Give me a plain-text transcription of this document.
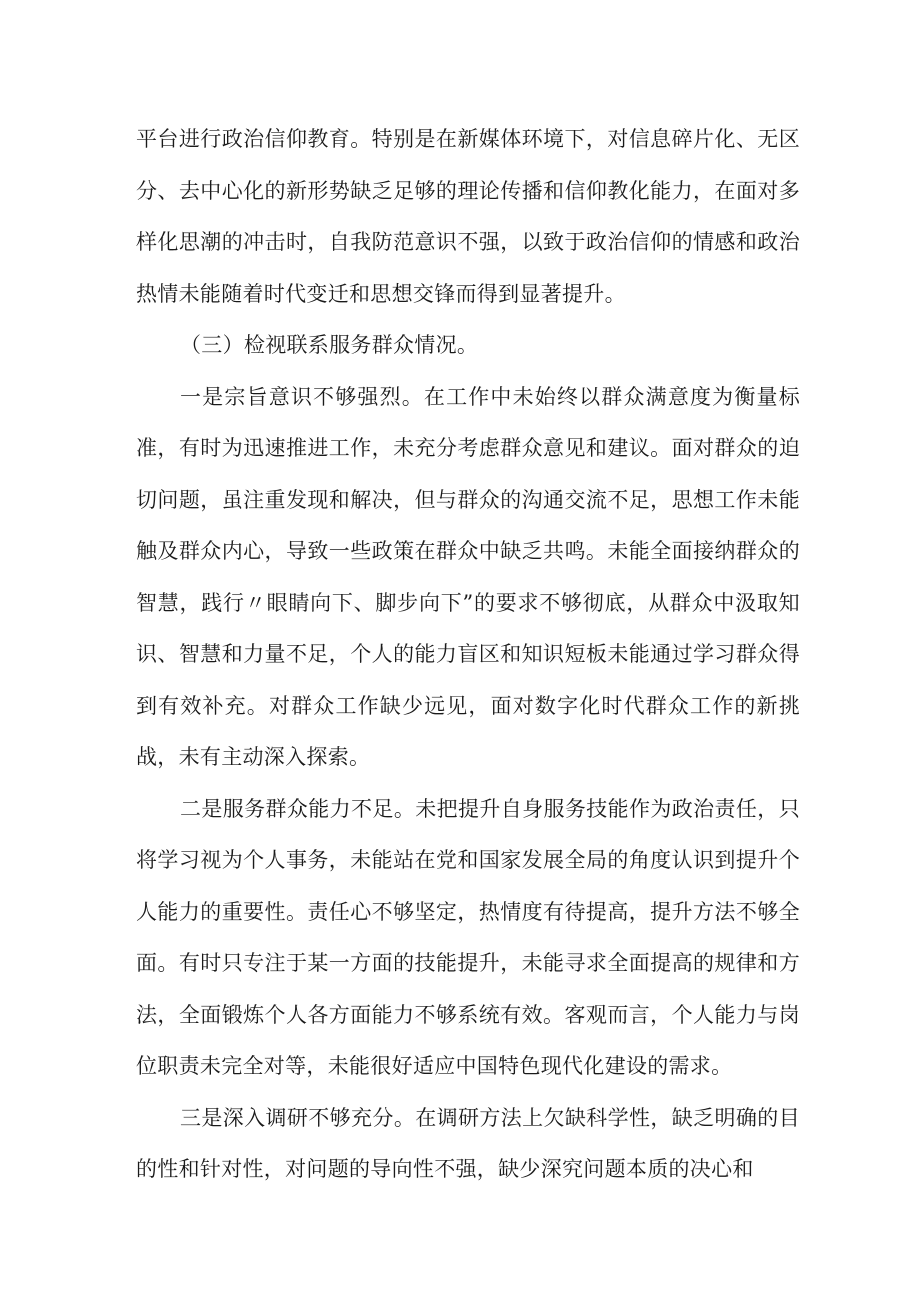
平台进行政治信仰教育。特别是在新媒体环境下，对信息碎片化、无区分、去中心化的新形势缺乏足够的理论传播和信仰教化能力，在面对多样化思潮的冲击时，自我防范意识不强，以致于政治信仰的情感和政治热情未能随着时代变迁和思想交锋而得到显著提升。

（三）检视联系服务群众情况。

一是宗旨意识不够强烈。在工作中未始终以群众满意度为衡量标准，有时为迅速推进工作，未充分考虑群众意见和建议。面对群众的迫切问题，虽注重发现和解决，但与群众的沟通交流不足，思想工作未能触及群众内心，导致一些政策在群众中缺乏共鸣。未能全面接纳群众的智慧，践行〃眼睛向下、脚步向下”的要求不够彻底，从群众中汲取知识、智慧和力量不足，个人的能力盲区和知识短板未能通过学习群众得到有效补充。对群众工作缺少远见，面对数字化时代群众工作的新挑战，未有主动深入探索。

二是服务群众能力不足。未把提升自身服务技能作为政治责任，只将学习视为个人事务，未能站在党和国家发展全局的角度认识到提升个人能力的重要性。责任心不够坚定，热情度有待提高，提升方法不够全面。有时只专注于某一方面的技能提升，未能寻求全面提高的规律和方法，全面锻炼个人各方面能力不够系统有效。客观而言，个人能力与岗位职责未完全对等，未能很好适应中国特色现代化建设的需求。

三是深入调研不够充分。在调研方法上欠缺科学性，缺乏明确的目的性和针对性，对问题的导向性不强，缺少深究问题本质的决心和
